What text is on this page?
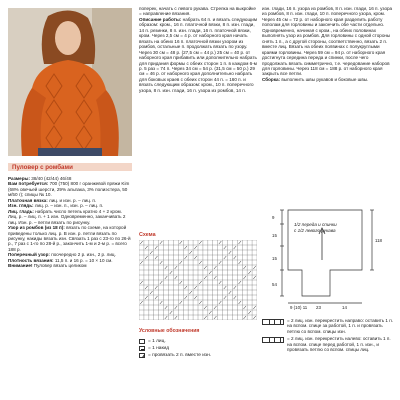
Пуловер с ромбами

Размеры: 38/40 (42/44) 46/48

Вам потребуется: 700 (750) 800 г оранжевой пряжи Kim (68% овечьей шерсти, 29% альпака, 3% полиэстера, 50 м/50 г); спицы № 10.

Платочная вязка: лиц. и изн. р. – лиц. п.

Изн. глядь: лиц. р. – изн. п., изн. р. – лиц. п.

Лиц. гладь: набрать число петель кратно 4 + 2 кром. Лиц. р. – лиц. п. + 1 изн. Одновременно, заканчивать 2 лиц. Изн. р. – петли вязать по рисунку.

Узор из ромбов (из 18 п): вязать по схеме, на которой приведены только лиц. р. В изн. р. петли вязать по рисунку, накиды вязать изн. Связать 1 раз с 23-го по 26-й р., 7 раз с 1-го по 28-й р., закончить 1-м и 2-м р. = всего 188 р.

Поперечный узор: поочередно 2 р. изн., 2 р. лиц.

Плотность вязания: 11,5 п. и 16 р. = 10 × 10 см.

Внимание! Пуловер вязать целиком

поперек, начать с левого рукава. Стрелка на выкройке = направление вязания.

Описание работы: набрать 64 п. и вязать следующим образом: кром., 16 п. платочной вязки, 8 п. изн. глади, 14 п. резинки, 8 п. изн. глади, 16 п. платочной вязки, кром. Через 2,5 см = 4 р. от наборного края начать вязать на обеих 16 п. платочной вязки узором из ромбов, остальные п. продолжать вязать по узору. Через 30 см = 48 р. (27,5 см = 44 р.) 25 см = 40 р. от наборного края прибавить или дополнительно набрать для придания формы с обеих сторон 1 п. в каждом 6-м р. 5 раз = 74 п. Через 34 см = 54 р. (31,5 см = 50 р.) 29 см = 46 р. от наборного края дополнительно набрать для боковых краев с обеих сторон 44 п. = 160 п. и вязать следующим образом: кром., 10 п. поперечного узора, 8 п. изн. глади, 16 п. узора из ромбов, 14 п.

изн. глади, 16 п. узора из ромбов, 8 п. изн. глади, 16 п. узора из ромбов, 8 п. изн. глади, 10 п. поперечного узора, кром. Через 45 см = 72 р. от наборного края разделить работу пополам для горловины и закончить обе части отдельно. Одновременно, начиная с кром., на обеих половинах выполнять узор из ромбов. Для горловины с одной стороны снять 1 п., а с другой стороны, соответственно, вязать 2 п. вместе лиц. Вязать на обеих полвинах с полукруглыми краями горловины. Через 59 см = 94 р. от наборного края достигнута середина переда и спинки, после чего продолжать вязать симметрично, т.е. чередование наборов для горловины. Через 118 см = 188 р. от наборного края закрыть все петли.

Сборка: выполнить швы рукавов и боковые швы.

Схема
Условные обозначения
= 1 лиц.
= 1 накид
= провязать 2 п. вместе изн.
1/2 переда и спинки
с 1/2 левого рукава
9
15
15
54
9 (10) 11 23	14
118
= 2 лиц. изн. перекрестить направо: оставить 1 п. на вспом. спице за работой, 1 п. и провязать петлю со вспом. спицы изн.
= 2 лиц. изн. перекрестить налево: оставить 1 п. на вспом. спице перед работой, 1 п. изн., и провязать петлю со вспом. спицы лиц.
